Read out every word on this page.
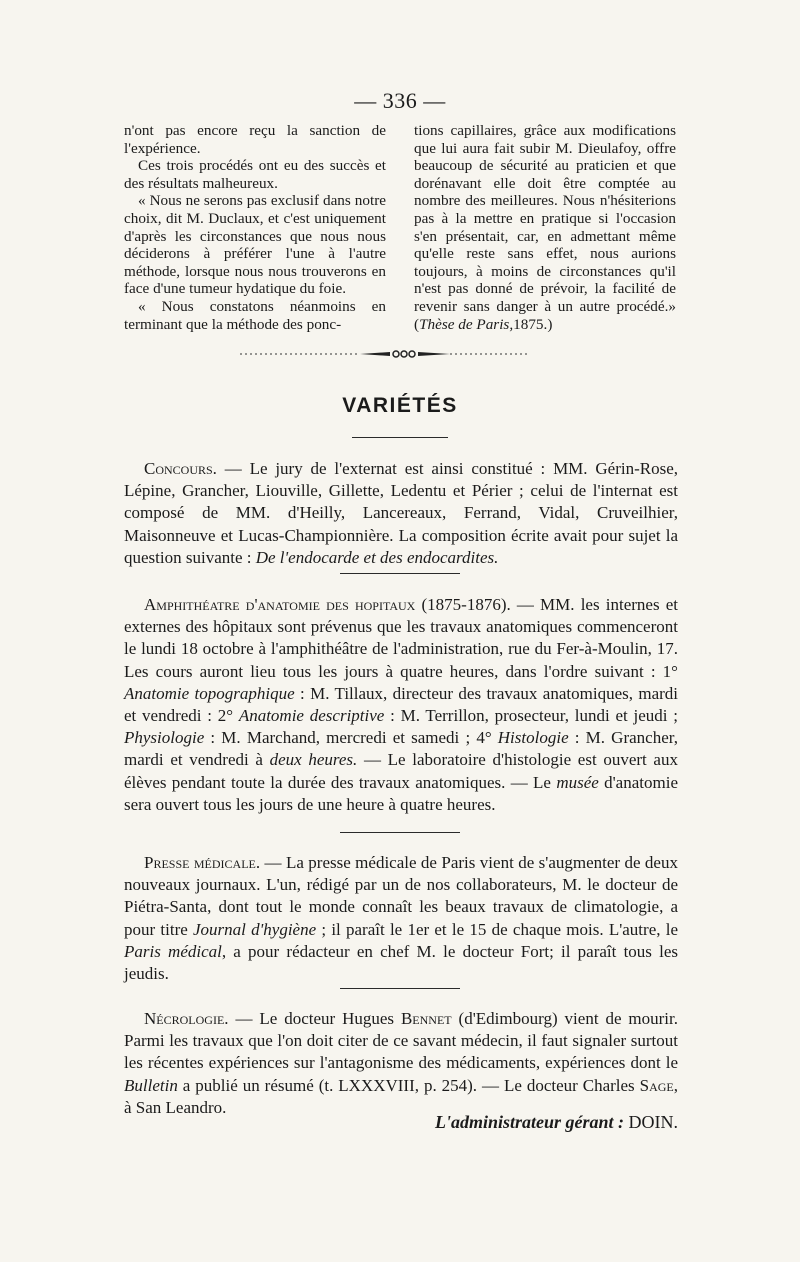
— 336 —

n'ont pas encore reçu la sanction de l'expérience.

Ces trois procédés ont eu des succès et des résultats malheureux.

« Nous ne serons pas exclusif dans notre choix, dit M. Duclaux, et c'est uniquement d'après les circonstances que nous nous déciderons à préférer l'une à l'autre méthode, lorsque nous nous trouverons en face d'une tumeur hydatique du foie.

« Nous constatons néanmoins en terminant que la méthode des ponc-

tions capillaires, grâce aux modifications que lui aura fait subir M. Dieulafoy, offre beaucoup de sécurité au praticien et que dorénavant elle doit être comptée au nombre des meilleures. Nous n'hésiterions pas à la mettre en pratique si l'occasion s'en présentait, car, en admettant même qu'elle reste sans effet, nous aurions toujours, à moins de circonstances qu'il n'est pas donné de prévoir, la facilité de revenir sans danger à un autre procédé.» (Thèse de Paris,1875.)

VARIÉTÉS

Concours. — Le jury de l'externat est ainsi constitué : MM. Gérin-Rose, Lépine, Grancher, Liouville, Gillette, Ledentu et Périer ; celui de l'internat est composé de MM. d'Heilly, Lancereaux, Ferrand, Vidal, Cruveilhier, Maisonneuve et Lucas-Championnière. La composition écrite avait pour sujet la question suivante : De l'endocarde et des endocardites.

Amphithéatre d'anatomie des hopitaux (1875-1876). — MM. les internes et externes des hôpitaux sont prévenus que les travaux anatomiques commenceront le lundi 18 octobre à l'amphithéâtre de l'administration, rue du Fer-à-Moulin, 17. Les cours auront lieu tous les jours à quatre heures, dans l'ordre suivant : 1° Anatomie topographique : M. Tillaux, directeur des travaux anatomiques, mardi et vendredi : 2° Anatomie descriptive : M. Terrillon, prosecteur, lundi et jeudi ; Physiologie : M. Marchand, mercredi et samedi ; 4° Histologie : M. Grancher, mardi et vendredi à deux heures. — Le laboratoire d'histologie est ouvert aux élèves pendant toute la durée des travaux anatomiques. — Le musée d'anatomie sera ouvert tous les jours de une heure à quatre heures.

Presse médicale. — La presse médicale de Paris vient de s'augmenter de deux nouveaux journaux. L'un, rédigé par un de nos collaborateurs, M. le docteur de Piétra-Santa, dont tout le monde connaît les beaux travaux de climatologie, a pour titre Journal d'hygiène ; il paraît le 1er et le 15 de chaque mois. L'autre, le Paris médical, a pour rédacteur en chef M. le docteur Fort; il paraît tous les jeudis.

Nécrologie. — Le docteur Hugues Bennet (d'Edimbourg) vient de mourir. Parmi les travaux que l'on doit citer de ce savant médecin, il faut signaler surtout les récentes expériences sur l'antagonisme des médicaments, expériences dont le Bulletin a publié un résumé (t. LXXXVIII, p. 254). — Le docteur Charles Sage, à San Leandro.

L'administrateur gérant : DOIN.
